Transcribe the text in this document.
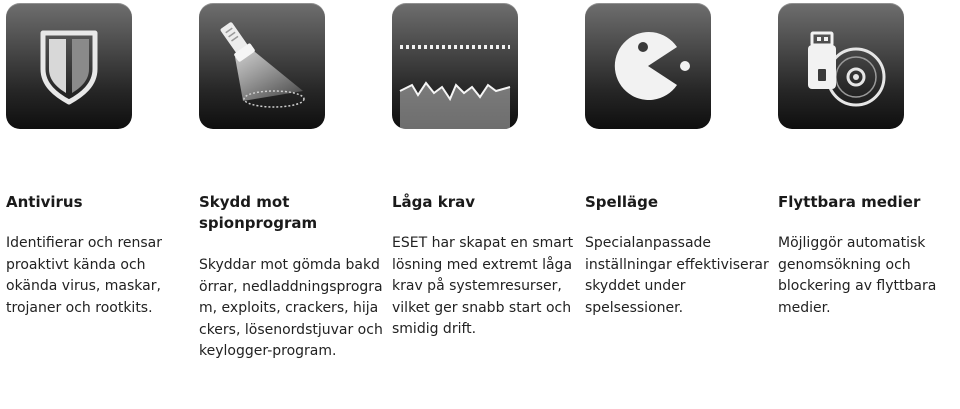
Antivirus

Identifierar och rensar proaktivt kända och okända virus, maskar, trojaner och rootkits.

Skydd mot spionprogram

Skyddar mot gömda bakdörrar, nedladdningsprogram, exploits, crackers, hijackers, lösenordstjuvar och keylogger-program.

Låga krav

ESET har skapat en smart lösning med extremt låga krav på systemresurser, vilket ger snabb start och smidig drift.

Spelläge

Specialanpassade inställningar effektiviserar skyddet under spelsessioner.

Flyttbara medier

Möjliggör automatisk genomsökning och blockering av flyttbara medier.
